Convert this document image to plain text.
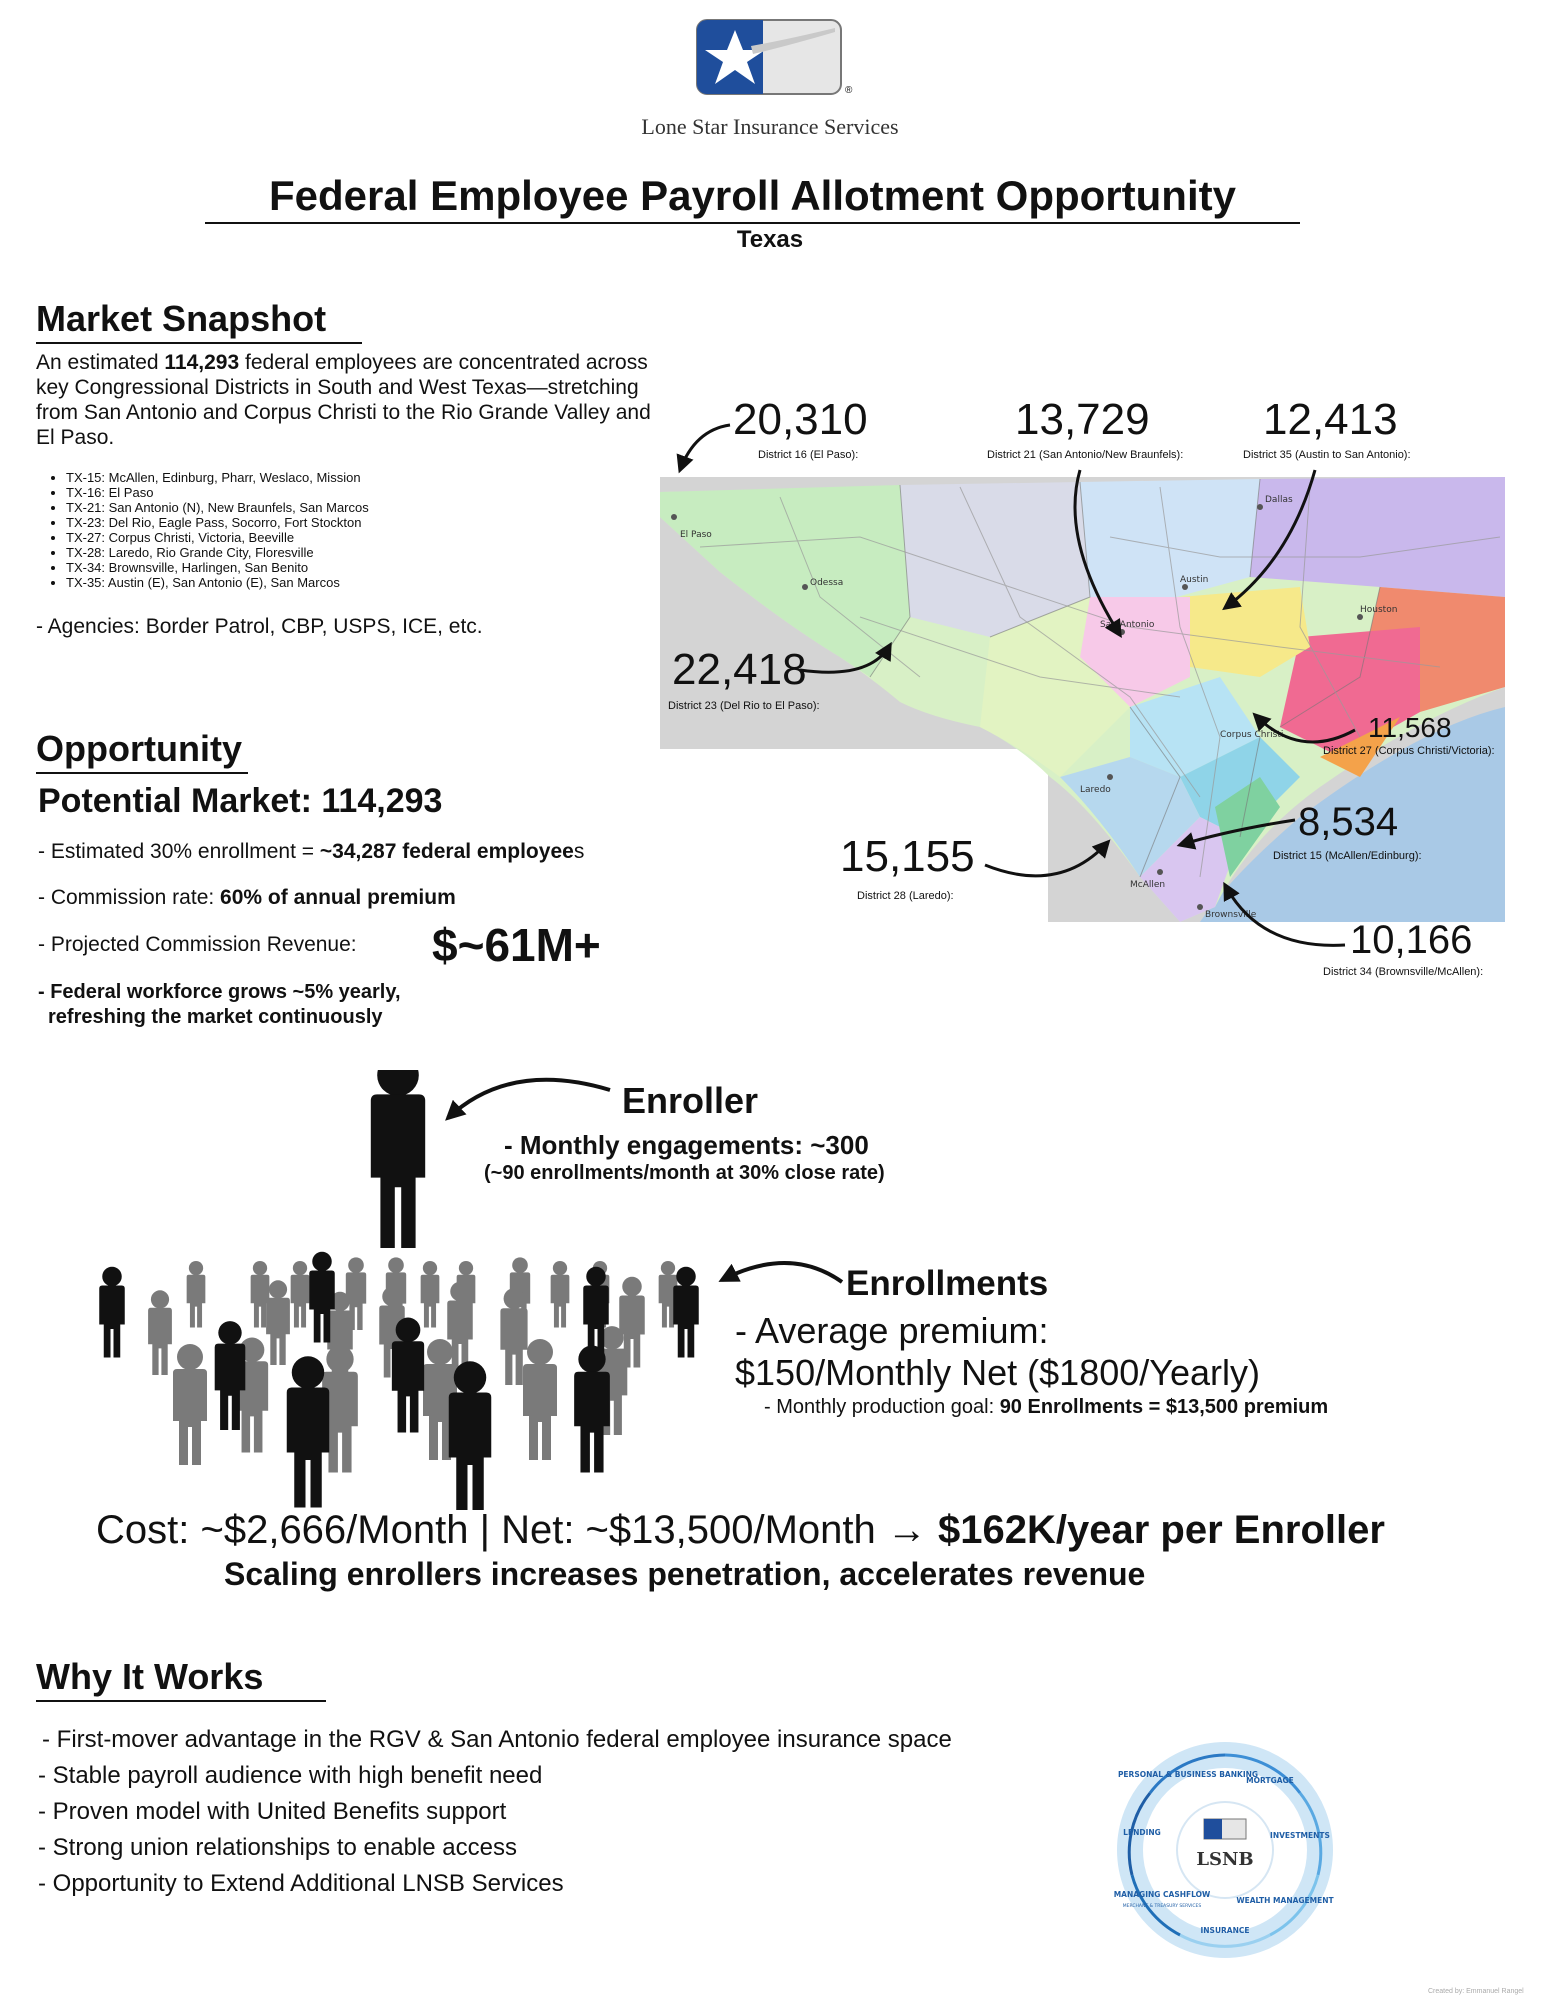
®
Lone Star Insurance Services
Federal Employee Payroll Allotment Opportunity
Texas
Market Snapshot
An estimated 114,293 federal employees are concentrated across key Congressional Districts in South and West Texas—stretching from San Antonio and Corpus Christi to the Rio Grande Valley and El Paso.
• TX-15: McAllen, Edinburg, Pharr, Weslaco, Mission
• TX-16: El Paso
• TX-21: San Antonio (N), New Braunfels, San Marcos
• TX-23: Del Rio, Eagle Pass, Socorro, Fort Stockton
• TX-27: Corpus Christi, Victoria, Beeville
• TX-28: Laredo, Rio Grande City, Floresville
• TX-34: Brownsville, Harlingen, San Benito
• TX-35: Austin (E), San Antonio (E), San Marcos
- Agencies: Border Patrol, CBP, USPS, ICE, etc.
El Paso
Odessa	Austin
San Antonio
Houston
Corpus Christi
Laredo
McAllen
Brownsville
Dallas
20,310
District 16 (El Paso):
13,729
District 21 (San Antonio/New Braunfels):
12,413
District 35 (Austin to San Antonio):
22,418
District 23 (Del Rio to El Paso):
11,568
District 27 (Corpus Christi/Victoria):
8,534
District 15 (McAllen/Edinburg):
15,155
District 28 (Laredo):
10,166
District 34 (Brownsville/McAllen):
Opportunity
Potential Market: 114,293
- Estimated 30% enrollment = ~34,287 federal employees
- Commission rate: 60% of annual premium
- Projected Commission Revenue: $~61M+
- Federal workforce grows ~5% yearly,
refreshing the market continuously
Enroller
- Monthly engagements: ~300
(~90 enrollments/month at 30% close rate)
Enrollments
- Average premium:
$150/Monthly Net ($1800/Yearly)
- Monthly production goal: 90 Enrollments = $13,500 premium
Cost: ~$2,666/Month | Net: ~$13,500/Month → $162K/year per Enroller
Scaling enrollers increases penetration, accelerates revenue
Why It Works
- First-mover advantage in the RGV & San Antonio federal employee insurance space
- Stable payroll audience with high benefit need
- Proven model with United Benefits support
- Strong union relationships to enable access
- Opportunity to Extend Additional LNSB Services
PERSONAL & BUSINESS BANKING
MORTGAGE
INVESTMENTS
WEALTH MANAGEMENT
INSURANCE
MANAGING CASHFLOW
LENDING
MERCHANT & TREASURY SERVICES
LSNB
Created by: Emmanuel Rangel
